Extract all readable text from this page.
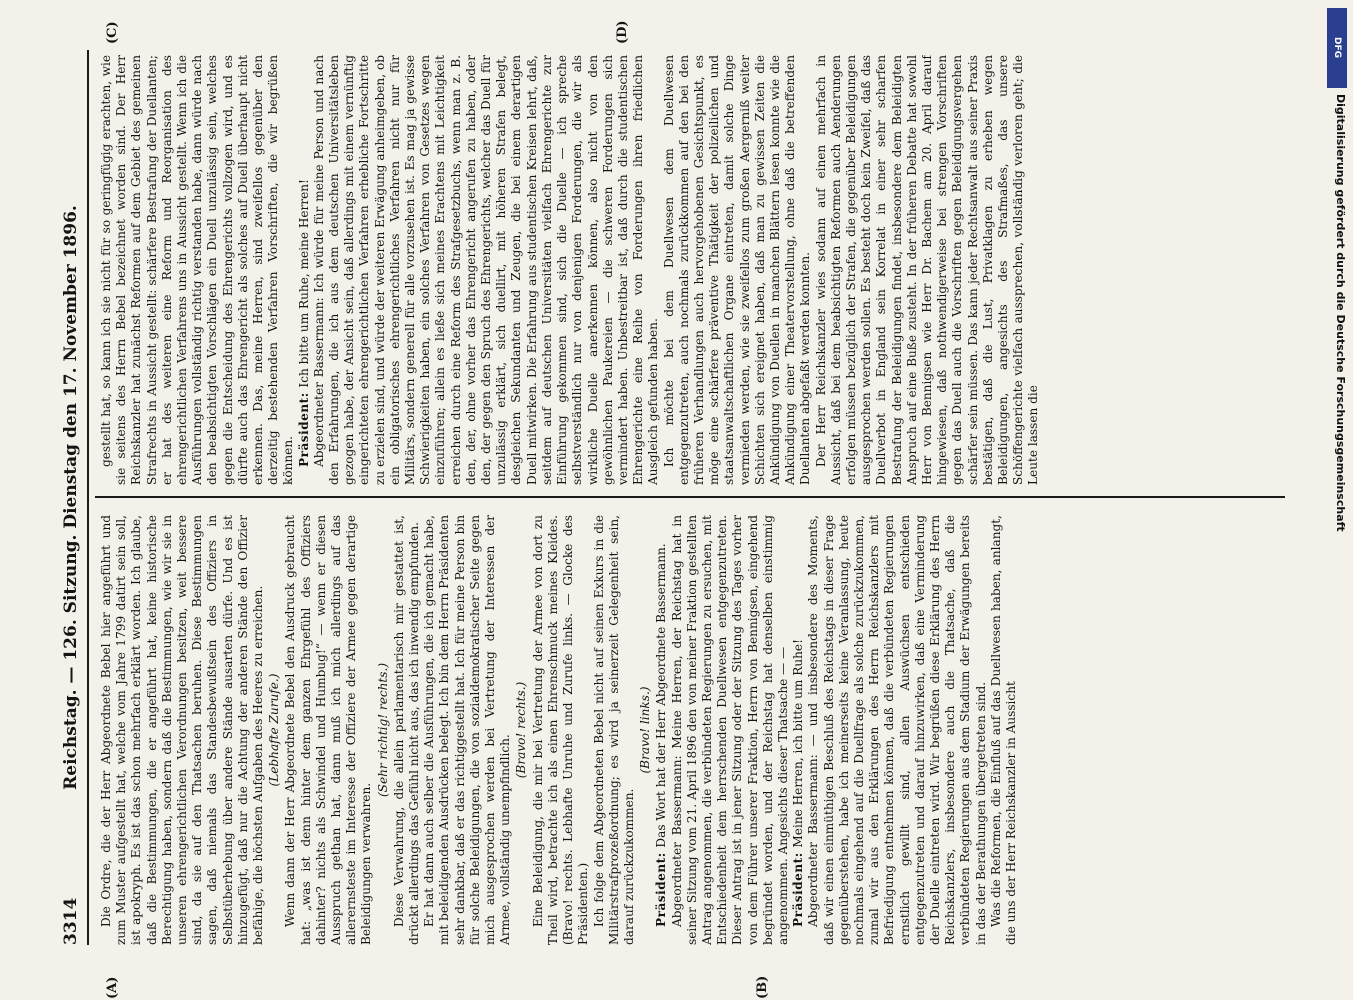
3314
Reichstag. — 126. Sitzung. Dienstag den 17. November 1896. Die Ordre, die der Herr Abgeordnete Bebel hier angeführt und zum Muster aufgestellt hat, welche vom Jahre 1799 datirt sein soll, ist apokryph. Es ist das schon mehrfach erklärt worden. Ich glaube, daß die Bestimmungen, die er angeführt hat, keine historische Berechtigung haben, sondern daß die Bestimmungen, wie wir sie in unseren ehrengerichtlichen Verordnungen besitzen, weit bessere sind, da sie auf den Thatsachen beruhen. Diese Bestimmungen sagen, daß niemals das Standesbewußtsein des Offiziers in Selbstüberhebung über andere Stände ausarten dürfe. Und es ist hinzugefügt, daß nur die Achtung der anderen Stände den Offizier befähige, die höchsten Aufgaben des Heeres zu erreichen. (Lebhafte Zurufe.) Wenn dann der Herr Abgeordnete Bebel den Ausdruck gebraucht hat: „was ist denn hinter dem ganzen Ehrgefühl des Offiziers dahinter? nichts als Schwindel und Humbug!“ — wenn er diesen Ausspruch gethan hat, dann muß ich mich allerdings auf das allerernsteste im Interesse der Offiziere der Armee gegen derartige Beleidigungen verwahren.

(Sehr richtig! rechts.) Diese Verwahrung, die allein parlamentarisch mir gestattet ist, drückt allerdings das Gefühl nicht aus, das ich inwendig empfunden. Er hat dann auch selber die Ausführungen, die ich gemacht habe, mit beleidigenden Ausdrücken belegt. Ich bin dem Herrn Präsidenten sehr dankbar, daß er das richtiggestellt hat. Ich für meine Person bin für solche Beleidigungen, die von sozialdemokratischer Seite gegen mich ausgesprochen werden bei Vertretung der Interessen der Armee, vollständig unempfindlich.

(Bravo! rechts.) Eine Beleidigung, die mir bei Vertretung der Armee von dort zu Theil wird, betrachte ich als einen Ehrenschmuck meines Kleides. (Bravo! rechts. Lebhafte Unruhe und Zurufe links. — Glocke des Präsidenten.) Ich folge dem Abgeordneten Bebel nicht auf seinen Exkurs in die Militärstrafprozeßordnung; es wird ja seinerzeit Gelegenheit sein, darauf zurückzukommen.

(Bravo! links.)

Präsident: Das Wort hat der Herr Abgeordnete Bassermann. Abgeordneter Bassermann: Meine Herren, der Reichstag hat in seiner Sitzung vom 21. April 1896 den von meiner Fraktion gestellten Antrag angenommen, die verbündeten Regierungen zu ersuchen, mit Entschiedenheit dem herrschenden Duellwesen entgegenzutreten. Dieser Antrag ist in jener Sitzung oder der Sitzung des Tages vorher von dem Führer unserer Fraktion, Herrn von Bennigsen, eingehend begründet worden, und der Reichstag hat denselben einstimmig angenommen. Angesichts dieser Thatsache — — Präsident: Meine Herren, ich bitte um Ruhe! Abgeordneter Bassermann: — und insbesondere des Moments, daß wir einen einmüthigen Beschluß des Reichstags in dieser Frage gegenüberstehen, habe ich meinerseits keine Veranlassung, heute nochmals eingehend auf die Duellfrage als solche zurückzukommen, zumal wir aus den Erklärungen des Herrn Reichskanzlers mit Befriedigung entnehmen können, daß die verbündeten Regierungen ernstlich gewillt sind, allen Auswüchsen entschieden entgegenzutreten und darauf hinzuwirken, daß eine Verminderung der Duelle eintreten wird. Wir begrüßen diese Erklärung des Herrn Reichskanzlers, insbesondere auch die Thatsache, daß die verbündeten Regierungen aus dem Stadium der Erwägungen bereits in das der Berathungen übergetreten sind. Was die Reformen, die Einfluß auf das Duellwesen haben, anlangt, die uns der Herr Reichskanzler in Aussicht

gestellt hat, so kann ich sie nicht für so geringfügig erachten, wie sie seitens des Herrn Bebel bezeichnet worden sind. Der Herr Reichskanzler hat zunächst Reformen auf dem Gebiet des gemeinen Strafrechts in Aussicht gestellt: schärfere Bestrafung der Duellanten; er hat des weiteren eine Reform und Reorganisation des ehrengerichtlichen Verfahrens uns in Aussicht gestellt. Wenn ich die Ausführungen vollständig richtig verstanden habe, dann würde nach den beabsichtigten Vorschlägen ein Duell unzulässig sein, welches gegen die Entscheidung des Ehrengerichts vollzogen wird, und es dürfte auch das Ehrengericht als solches auf Duell überhaupt nicht erkennen. Das, meine Herren, sind zweifellos gegenüber den derzeitig bestehenden Verfahren Vorschriften, die wir begrüßen können. Präsident: Ich bitte um Ruhe, meine Herren! Abgeordneter Bassermann: Ich würde für meine Person und nach den Erfahrungen, die ich aus dem deutschen Universitätsleben gezogen habe, der Ansicht sein, daß allerdings mit einem vernünftig eingerichteten ehrengerichtlichen Verfahren erhebliche Fortschritte zu erzielen sind, und würde der weiteren Erwägung anheimgeben, ob ein obligatorisches ehrengerichtliches Verfahren nicht nur für Militärs, sondern generell für alle vorzusehen ist. Es mag ja gewisse Schwierigkeiten haben, ein solches Verfahren von Gesetzes wegen einzuführen; allein es ließe sich meines Erachtens mit Leichtigkeit erreichen durch eine Reform des Strafgesetzbuchs, wenn man z. B. den, der, ohne vorher das Ehrengericht angerufen zu haben, oder den, der gegen den Spruch des Ehrengerichts, welcher das Duell für unzulässig erklärt, sich duellirt, mit höheren Strafen belegt, desgleichen Sekundanten und Zeugen, die bei einem derartigen Duell mitwirken. Die Erfahrung aus studentischen Kreisen lehrt, daß, seitdem auf deutschen Universitäten vielfach Ehrengerichte zur Einführung gekommen sind, sich die Duelle — ich spreche selbstverständlich nur von denjenigen Forderungen, die wir als wirkliche Duelle anerkennen können, also nicht von den gewöhnlichen Paukereien — die schweren Forderungen sich vermindert haben. Unbestreitbar ist, daß durch die studentischen Ehrengerichte eine Reihe von Forderungen ihren friedlichen Ausgleich gefunden haben. Ich möchte bei dem Duellwesen dem Duellwesen entgegenzutreten, auch nochmals zurückkommen auf den bei den früheren Verhandlungen auch hervorgehobenen Gesichtspunkt, es möge eine schärfere präventive Thätigkeit der polizeilichen und staatsanwaltschaftlichen Organe eintreten, damit solche Dinge vermieden werden, wie sie zweifellos zum großen Aergerniß weiter Schichten sich ereignet haben, daß man zu gewissen Zeiten die Ankündigung von Duellen in manchen Blättern lesen konnte wie die Ankündigung einer Theatervorstellung, ohne daß die betreffenden Duellanten abgefaßt werden konnten. Der Herr Reichskanzler wies sodann auf einen mehrfach in Aussicht, daß bei dem beabsichtigten Reformen auch Aenderungen erfolgen müssen bezüglich der Strafen, die gegenüber Beleidigungen ausgesprochen werden sollen. Es besteht doch kein Zweifel, daß das Duellverbot in England sein Korrelat in einer sehr scharfen Bestrafung der Beleidigungen findet, insbesondere dem Beleidigten Anspruch auf eine Buße zusteht. In der früheren Debatte hat sowohl Herr von Bennigsen wie Herr Dr. Bachem am 20. April darauf hingewiesen, daß nothwendigerweise bei strengen Vorschriften gegen das Duell auch die Vorschriften gegen Beleidigungsvergehen schärfer sein müssen. Das kann jeder Rechtsanwalt aus seiner Praxis bestätigen, daß die Lust, Privatklagen zu erheben wegen Beleidigungen, angesichts des Strafmaßes, das unsere Schöffengerichte vielfach aussprechen, vollständig verloren geht; die Leute lassen die

(A)	(B)
(C)	(D)
DFG
Digitalisierung gefördert durch die Deutsche Forschungsgemeinschaft
